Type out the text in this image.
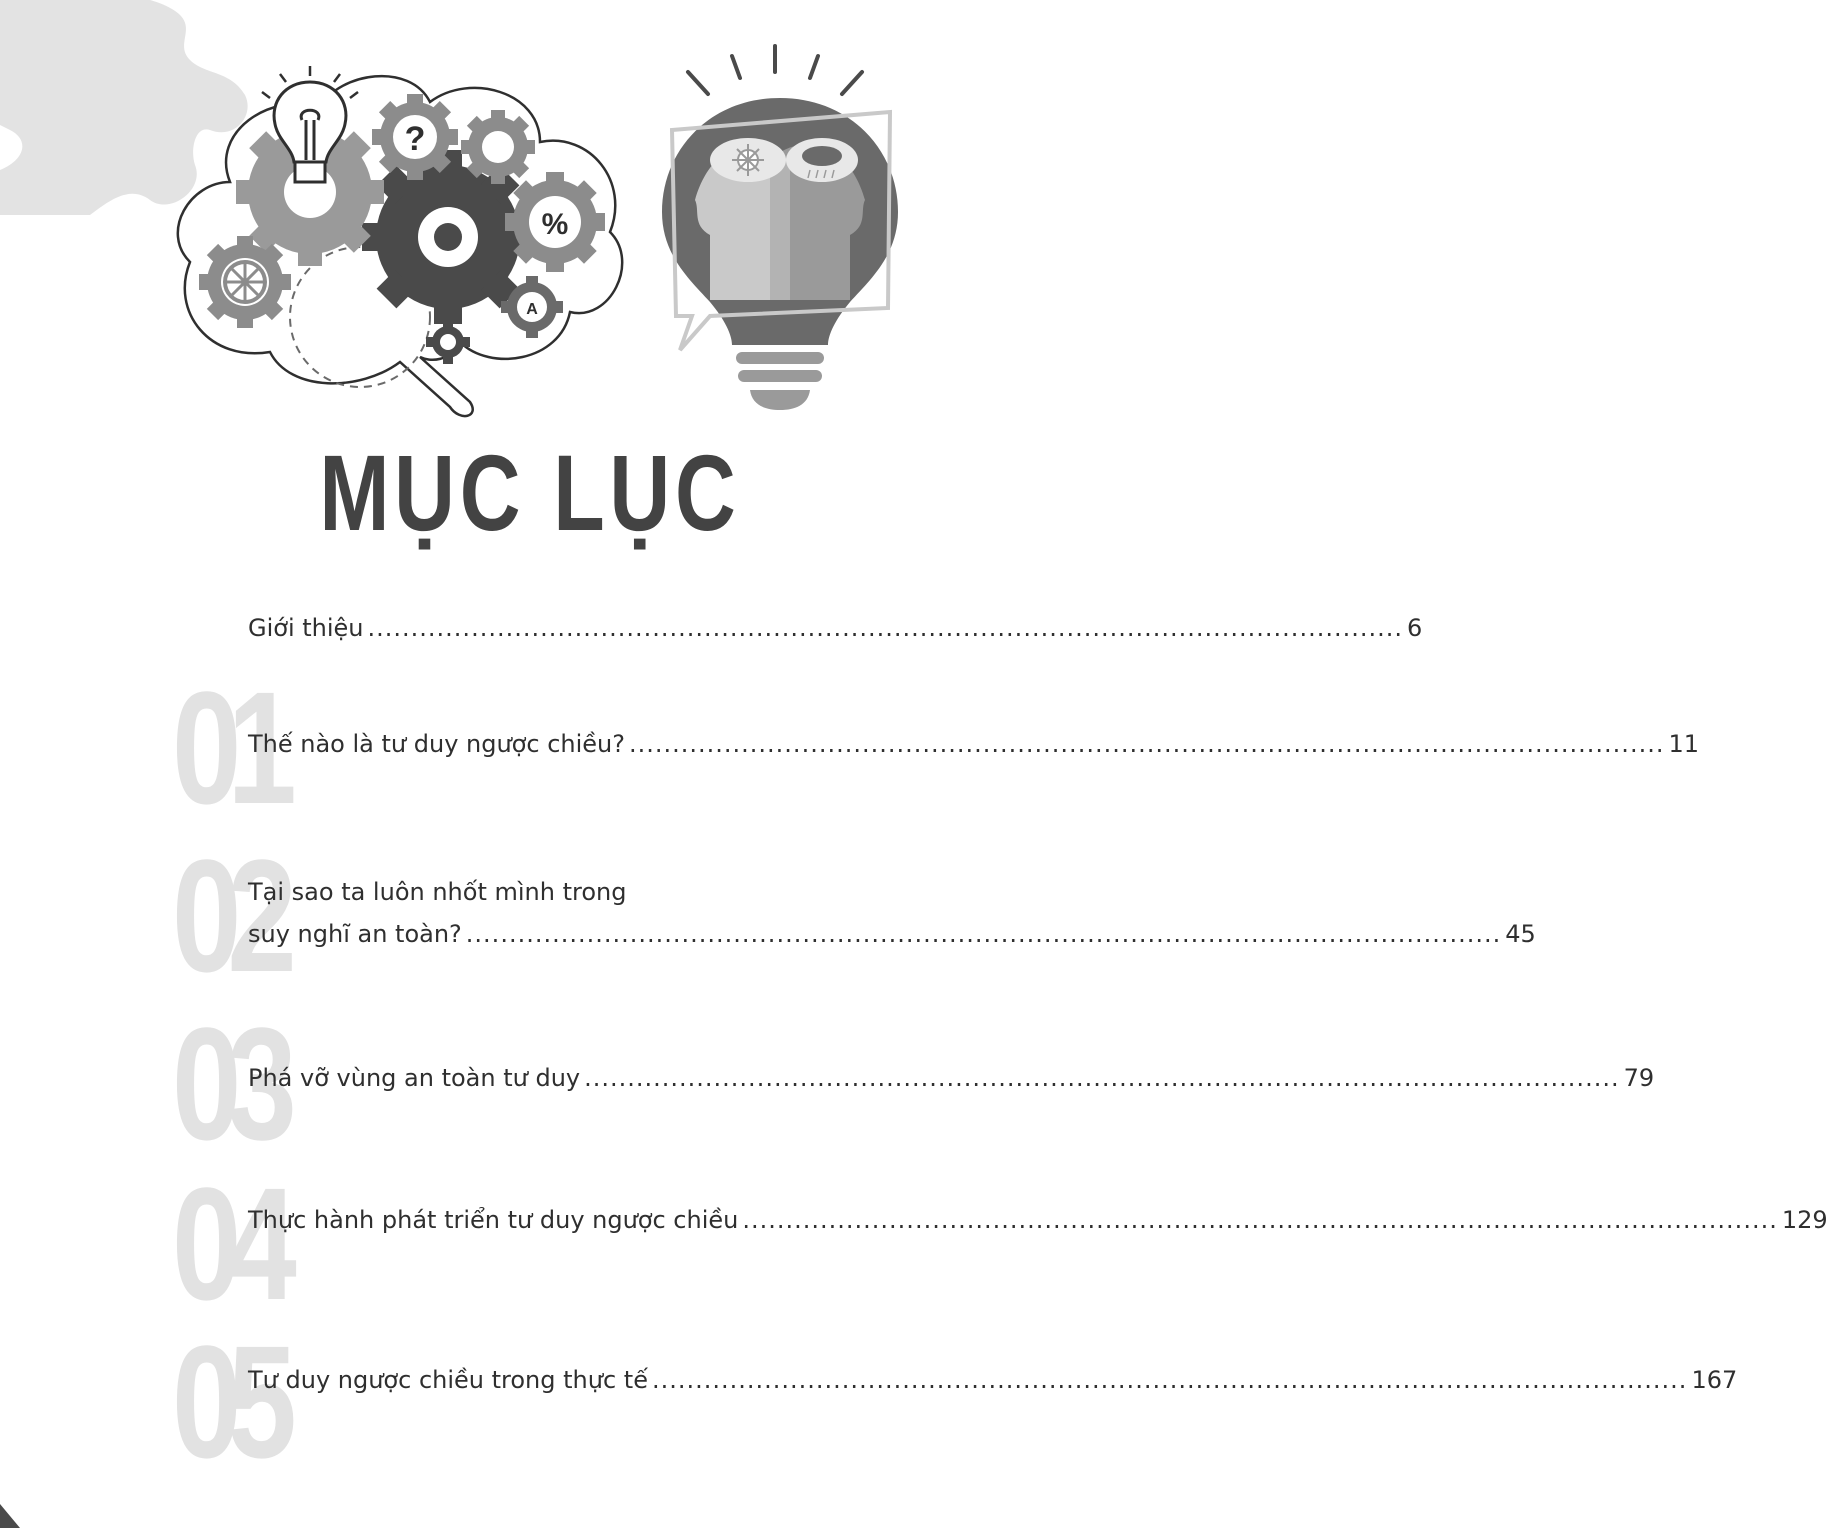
?
%
A
MỤC LỤC
01
02
03
04
05
Giới thiệu ........................................................................................................................ 6
Thế nào là tư duy ngược chiều? ........................................................................................................................ 11
Tại sao ta luôn nhốt mình trong
suy nghĩ an toàn? ........................................................................................................................ 45
Phá vỡ vùng an toàn tư duy ........................................................................................................................ 79
Thực hành phát triển tư duy ngược chiều ........................................................................................................................ 129
Tư duy ngược chiều trong thực tế ........................................................................................................................ 167
